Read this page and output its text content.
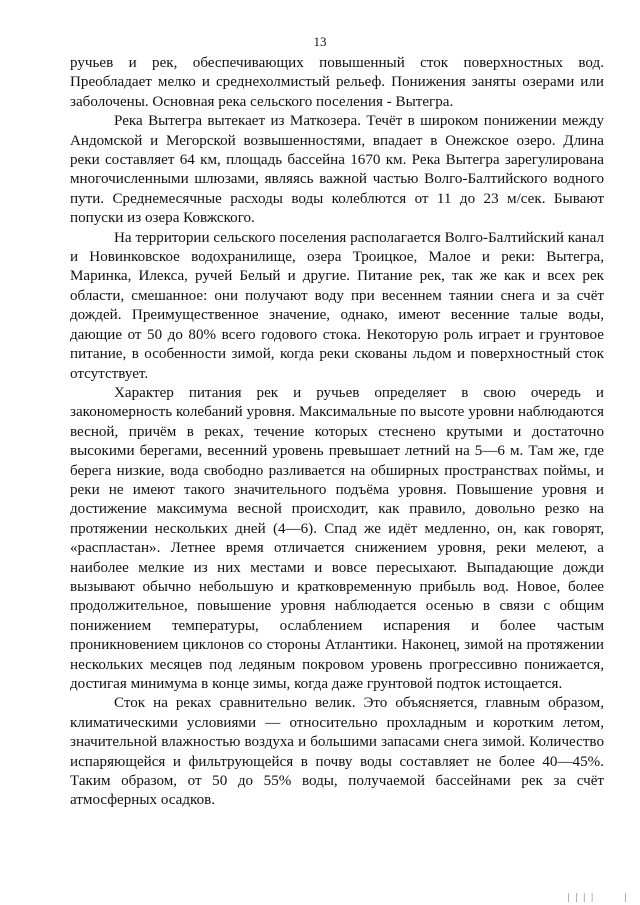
13

ручьев и рек, обеспечивающих повышенный сток поверхностных вод. Преобладает мелко и среднехолмистый рельеф. Понижения заняты озерами или заболочены. Основная река сельского поселения - Вытегра.

Река Вытегра вытекает из Маткозера. Течёт в широком понижении между Андомской и Мегорской возвышенностями, впадает в Онежское озеро. Длина реки составляет 64 км, площадь бассейна 1670 км. Река Вытегра зарегулирована многочисленными шлюзами, являясь важной частью Волго-Балтийского водного пути. Среднемесячные расходы воды колеблются от 11 до 23 м/сек. Бывают попуски из озера Ковжского.

На территории сельского поселения располагается Волго-Балтийский канал и Новинковское водохранилище, озера Троицкое, Малое и реки: Вытегра, Маринка, Илекса, ручей Белый и другие. Питание рек, так же как и всех рек области, смешанное: они получают воду при весеннем таянии снега и за счёт дождей. Преимущественное значение, однако, имеют весенние талые воды, дающие от 50 до 80% всего годового стока. Некоторую роль играет и грунтовое питание, в особенности зимой, когда реки скованы льдом и поверхностный сток отсутствует.

Характер питания рек и ручьев определяет в свою очередь и закономерность колебаний уровня. Максимальные по высоте уровни наблюдаются весной, причём в реках, течение которых стеснено крутыми и достаточно высокими берегами, весенний уровень превышает летний на 5—6 м. Там же, где берега низкие, вода свободно разливается на обширных пространствах поймы, и реки не имеют такого значительного подъёма уровня. Повышение уровня и достижение максимума весной происходит, как правило, довольно резко на протяжении нескольких дней (4—6). Спад же идёт медленно, он, как говорят, «распластан». Летнее время отличается снижением уровня, реки мелеют, а наиболее мелкие из них местами и вовсе пересыхают. Выпадающие дожди вызывают обычно небольшую и кратковременную прибыль вод. Новое, более продолжительное, повышение уровня наблюдается осенью в связи с общим понижением температуры, ослаблением испарения и более частым проникновением циклонов со стороны Атлантики. Наконец, зимой на протяжении нескольких месяцев под ледяным покровом уровень прогрессивно понижается, достигая минимума в конце зимы, когда даже грунтовой подток истощается.

Сток на реках сравнительно велик. Это объясняется, главным образом, климатическими условиями — относительно прохладным и коротким летом, значительной влажностью воздуха и большими запасами снега зимой. Количество испаряющейся и фильтрующейся в почву воды составляет не более 40—45%. Таким образом, от 50 до 55% воды, получаемой бассейнами рек за счёт атмосферных осадков.

| | | |	|
